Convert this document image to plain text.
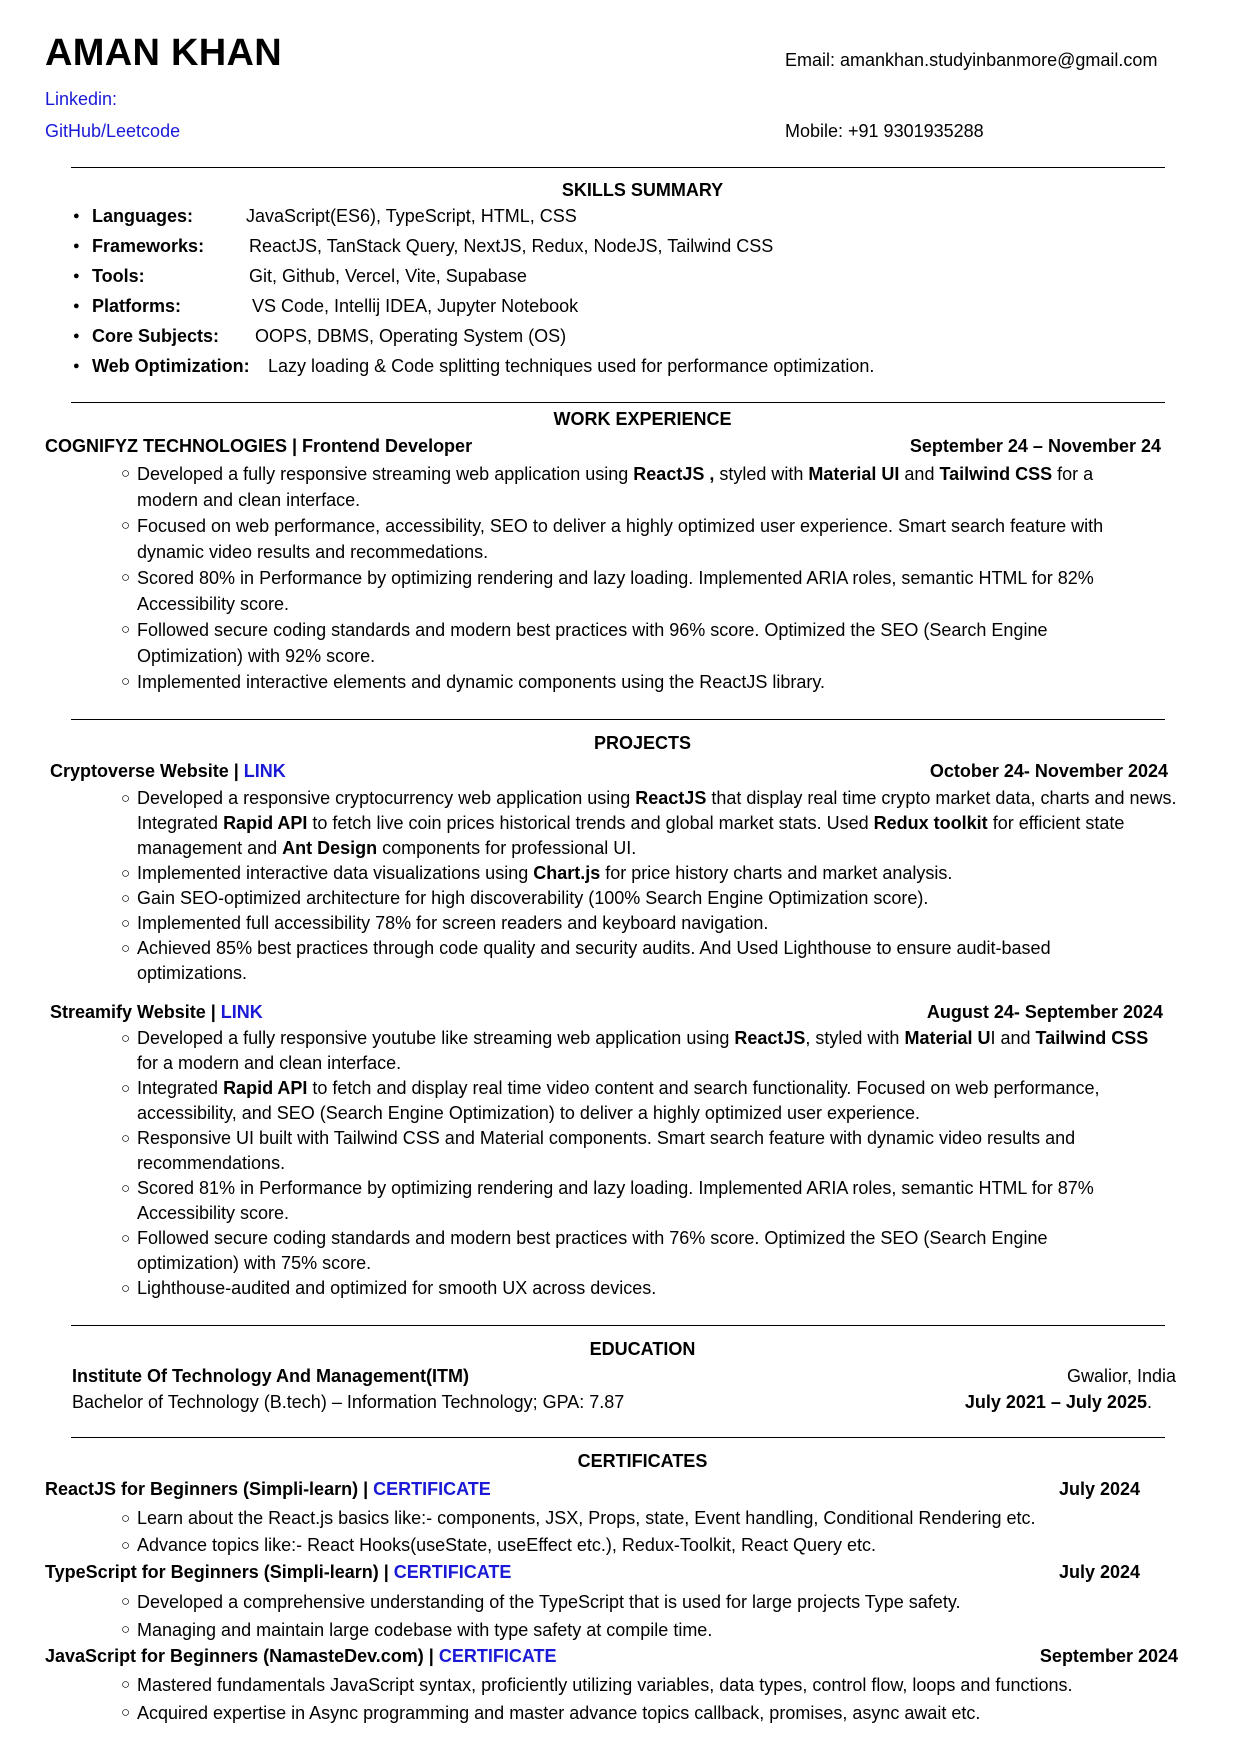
AMAN KHAN	Email: amankhan.studyinbanmore@gmail.com
Linkedin:
GitHub/Leetcode	Mobile: +91 9301935288
SKILLS SUMMARY
● Languages:	JavaScript(ES6), TypeScript, HTML, CSS
● Frameworks: ReactJS, TanStack Query, NextJS, Redux, NodeJS, Tailwind CSS
● Tools:	Git, Github, Vercel, Vite, Supabase
● Platforms:	VS Code, Intellij IDEA, Jupyter Notebook
● Core Subjects: OOPS, DBMS, Operating System (OS)
● Web Optimization: Lazy loading & Code splitting techniques used for performance optimization.
WORK EXPERIENCE
COGNIFYZ TECHNOLOGIES | Frontend Developer	September 24 – November 24
○ Developed a fully responsive streaming web application using ReactJS , styled with Material UI and Tailwind CSS for a modern and clean interface.
○ Focused on web performance, accessibility, SEO to deliver a highly optimized user experience. Smart search feature with dynamic video results and recommedations.
○ Scored 80% in Performance by optimizing rendering and lazy loading. Implemented ARIA roles, semantic HTML for 82% Accessibility score.
○ Followed secure coding standards and modern best practices with 96% score. Optimized the SEO (Search Engine Optimization) with 92% score.
○ Implemented interactive elements and dynamic components using the ReactJS library.
PROJECTS
Cryptoverse Website | LINK	October 24- November 2024
○ Developed a responsive cryptocurrency web application using ReactJS that display real time crypto market data, charts and news. Integrated Rapid API to fetch live coin prices historical trends and global market stats. Used Redux toolkit for efficient state management and Ant Design components for professional UI.
○ Implemented interactive data visualizations using Chart.js for price history charts and market analysis.
○ Gain SEO-optimized architecture for high discoverability (100% Search Engine Optimization score).
○ Implemented full accessibility 78% for screen readers and keyboard navigation.
○ Achieved 85% best practices through code quality and security audits. And Used Lighthouse to ensure audit-based optimizations.
Streamify Website | LINK	August 24- September 2024
○ Developed a fully responsive youtube like streaming web application using ReactJS, styled with Material UI and Tailwind CSS for a modern and clean interface.
○ Integrated Rapid API to fetch and display real time video content and search functionality. Focused on web performance, accessibility, and SEO (Search Engine Optimization) to deliver a highly optimized user experience.
○ Responsive UI built with Tailwind CSS and Material components. Smart search feature with dynamic video results and recommendations.
○ Scored 81% in Performance by optimizing rendering and lazy loading. Implemented ARIA roles, semantic HTML for 87% Accessibility score.
○ Followed secure coding standards and modern best practices with 76% score. Optimized the SEO (Search Engine optimization) with 75% score.
○ Lighthouse-audited and optimized for smooth UX across devices.
EDUCATION
Institute Of Technology And Management(ITM)	Gwalior, India
Bachelor of Technology (B.tech) – Information Technology; GPA: 7.87	July 2021 – July 2025.
CERTIFICATES
ReactJS for Beginners (Simpli-learn) | CERTIFICATE	July 2024
○ Learn about the React.js basics like:- components, JSX, Props, state, Event handling, Conditional Rendering etc.
○ Advance topics like:- React Hooks(useState, useEffect etc.), Redux-Toolkit, React Query etc.
TypeScript for Beginners (Simpli-learn) | CERTIFICATE	July 2024
○ Developed a comprehensive understanding of the TypeScript that is used for large projects Type safety.
○ Managing and maintain large codebase with type safety at compile time.
JavaScript for Beginners (NamasteDev.com) | CERTIFICATE	September 2024
○ Mastered fundamentals JavaScript syntax, proficiently utilizing variables, data types, control flow, loops and functions.
○ Acquired expertise in Async programming and master advance topics callback, promises, async await etc.
